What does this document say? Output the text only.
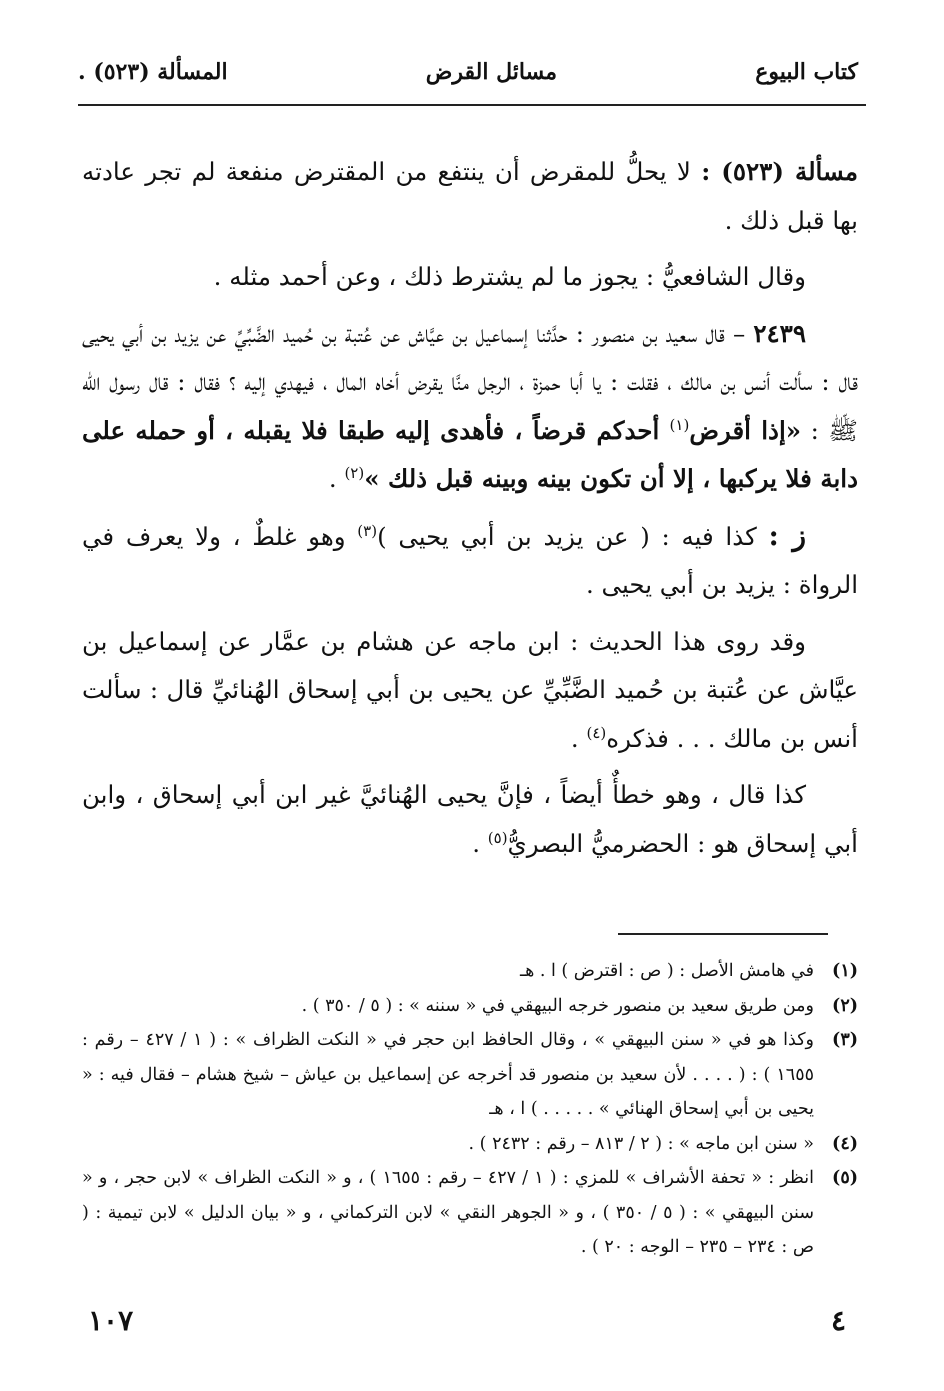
كتاب البيوع
مسائل القرض
المسألة (٥٢٣) .

مسألة (٥٢٣) : لا يحلُّ للمقرض أن ينتفع من المقترض منفعة لم تجر عادته بها قبل ذلك .

وقال الشافعيُّ : يجوز ما لم يشترط ذلك ، وعن أحمد مثله .

٢٤٣٩ – قال سعيد بن منصور : حدَّثنا إسماعيل بن عيَّاش عن عُتبة بن حُميد الضَّبِّيِّ عن يزيد بن أبي يحيى قال : سألت أنس بن مالك ، فقلت : يا أبا حمزة ، الرجل منَّا يقرض أخاه المال ، فيهدي إليه ؟ فقال : قال رسول الله ﷺ : «إذا أقرض$^{(١)}$ أحدكم قرضاً ، فأهدى إليه طبقا فلا يقبله ، أو حمله على دابة فلا يركبها ، إلا أن تكون بينه وبينه قبل ذلك »$^{(٢)}$ .

ز : كذا فيه : ( عن يزيد بن أبي يحيى )$^{(٣)}$ وهو غلطٌ ، ولا يعرف في الرواة : يزيد بن أبي يحيى .

وقد روى هذا الحديث : ابن ماجه عن هشام بن عمَّار عن إسماعيل بن عيَّاش عن عُتبة بن حُميد الضَّبِّيِّ عن يحيى بن أبي إسحاق الهُنائيِّ قال : سألت أنس بن مالك . . . فذكره$^{(٤)}$ .

كذا قال ، وهو خطأٌ أيضاً ، فإنَّ يحيى الهُنائيَّ غير ابن أبي إسحاق ، وابن أبي إسحاق هو : الحضرميُّ البصريُّ$^{(٥)}$ .

(١)
في هامش الأصل : ( ص : اقترض ) ا . هـ
(٢)
ومن طريق سعيد بن منصور خرجه البيهقي في « سننه » : ( ٥ / ٣٥٠ ) .
(٣)
وكذا هو في « سنن البيهقي » ، وقال الحافظ ابن حجر في « النكت الظراف » : ( ١ / ٤٢٧ – رقم : ١٦٥٥ ) : ( . . . . لأن سعيد بن منصور قد أخرجه عن إسماعيل بن عياش – شيخ هشام – فقال فيه : « يحيى بن أبي إسحاق الهنائي » . . . . . ) ا ، هـ
(٤)
« سنن ابن ماجه » : ( ٢ / ٨١٣ – رقم : ٢٤٣٢ ) .
(٥)
انظر : « تحفة الأشراف » للمزي : ( ١ / ٤٢٧ – رقم : ١٦٥٥ ) ، و « النكت الظراف » لابن حجر ، و « سنن البيهقي » : ( ٥ / ٣٥٠ ) ، و « الجوهر النقي » لابن التركماني ، و « بيان الدليل » لابن تيمية : ( ص : ٢٣٤ – ٢٣٥ – الوجه : ٢٠ ) .
٤
١٠٧
